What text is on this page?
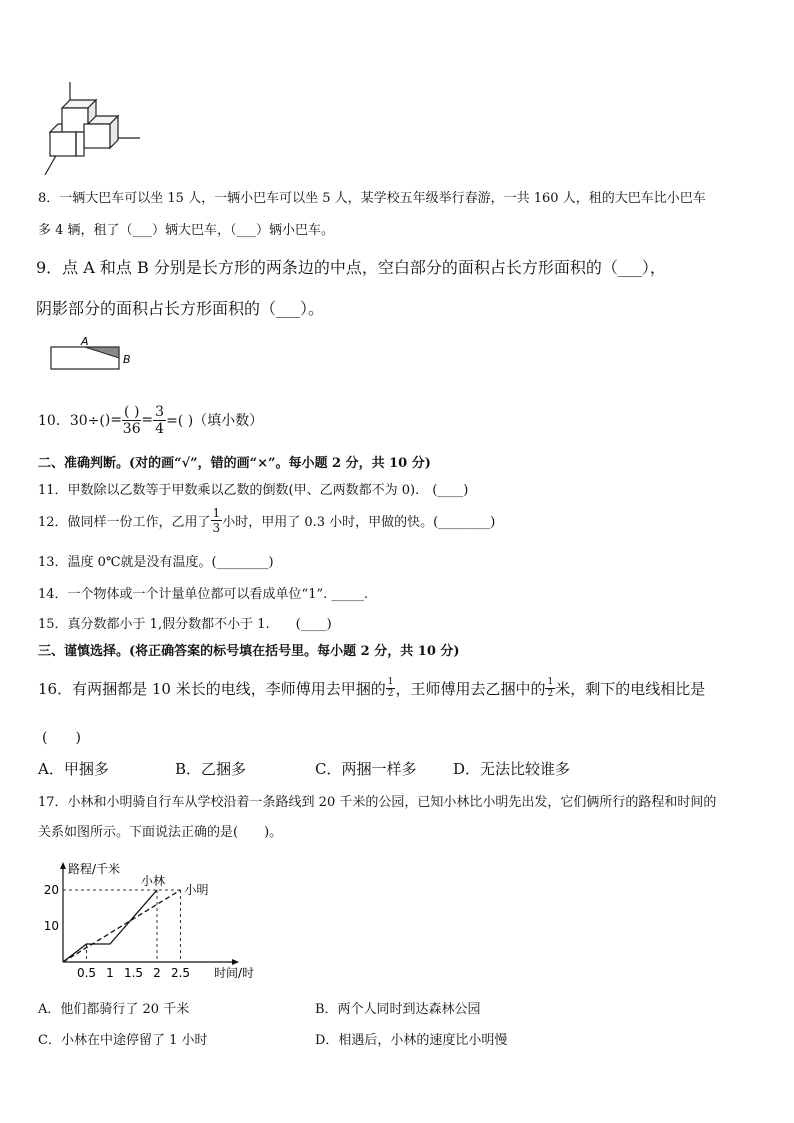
8．一辆大巴车可以坐 15 人，一辆小巴车可以坐 5 人，某学校五年级举行春游，一共 160 人，租的大巴车比小巴车
多 4 辆，租了（___）辆大巴车，（___）辆小巴车。
9．点 A 和点 B 分别是长方形的两条边的中点，空白部分的面积占长方形面积的（___），
阴影部分的面积占长方形面积的（___）。
A
B
10．30÷( )= $\frac{( )}{36} = \frac{3}{4}$ =( )（填小数）
二、准确判断。(对的画“√”，错的画“×”。每小题 2 分，共 10 分)
11．甲数除以乙数等于甲数乘以乙数的倒数(甲、乙两数都不为 0).　(____)
12．做同样一份工作，乙用了 $\frac{1}{3}$ 小时，甲用了 0.3 小时，甲做的快。(________)
13．温度 0℃就是没有温度。(________)
14．一个物体或一个计量单位都可以看成单位“1”. _____.
15．真分数都小于 1,假分数都不小于 1.　　(____)
三、谨慎选择。(将正确答案的标号填在括号里。每小题 2 分，共 10 分)
16．有两捆都是 10 米长的电线，李师傅用去甲捆的 $\frac{1}{2}$ ，王师傅用去乙捆中的 $\frac{1}{2}$ 米，剩下的电线相比是
(　　)
A．甲捆多	B．乙捆多	C．两捆一样多 D．无法比较谁多
17．小林和小明骑自行车从学校沿着一条路线到 20 千米的公园，已知小林比小明先出发，它们俩所行的路程和时间的
关系如图所示。下面说法正确的是(　　)。
路程/千米
时间/时
0.5 1 1.5 2 2.5
10
20
小林
小明
A．他们都骑行了 20 千米	B．两个人同时到达森林公园
C．小林在中途停留了 1 小时	D．相遇后，小林的速度比小明慢
